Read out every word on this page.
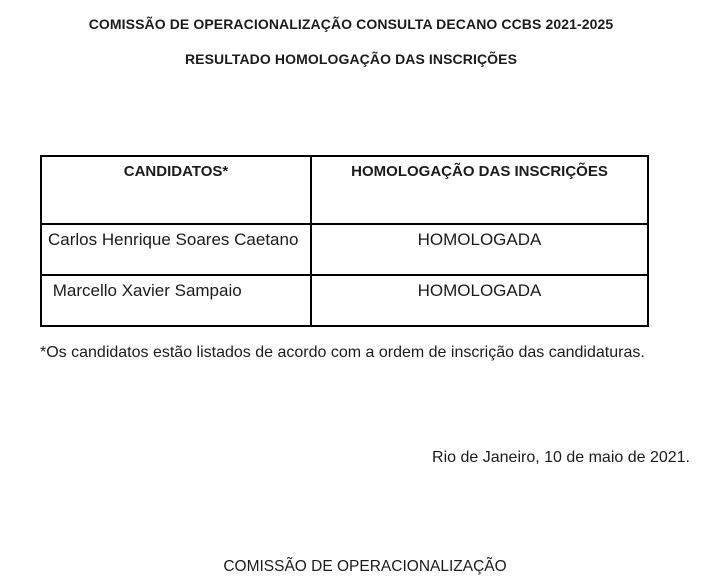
COMISSÃO DE OPERACIONALIZAÇÃO CONSULTA DECANO CCBS 2021-2025
RESULTADO HOMOLOGAÇÃO DAS INSCRIÇÕES
CANDIDATOS*	HOMOLOGAÇÃO DAS INSCRIÇÕES
Carlos Henrique Soares Caetano	HOMOLOGADA
Marcello Xavier Sampaio	HOMOLOGADA
*Os candidatos estão listados de acordo com a ordem de inscrição das candidaturas.
Rio de Janeiro, 10 de maio de 2021.
COMISSÃO DE OPERACIONALIZAÇÃO
